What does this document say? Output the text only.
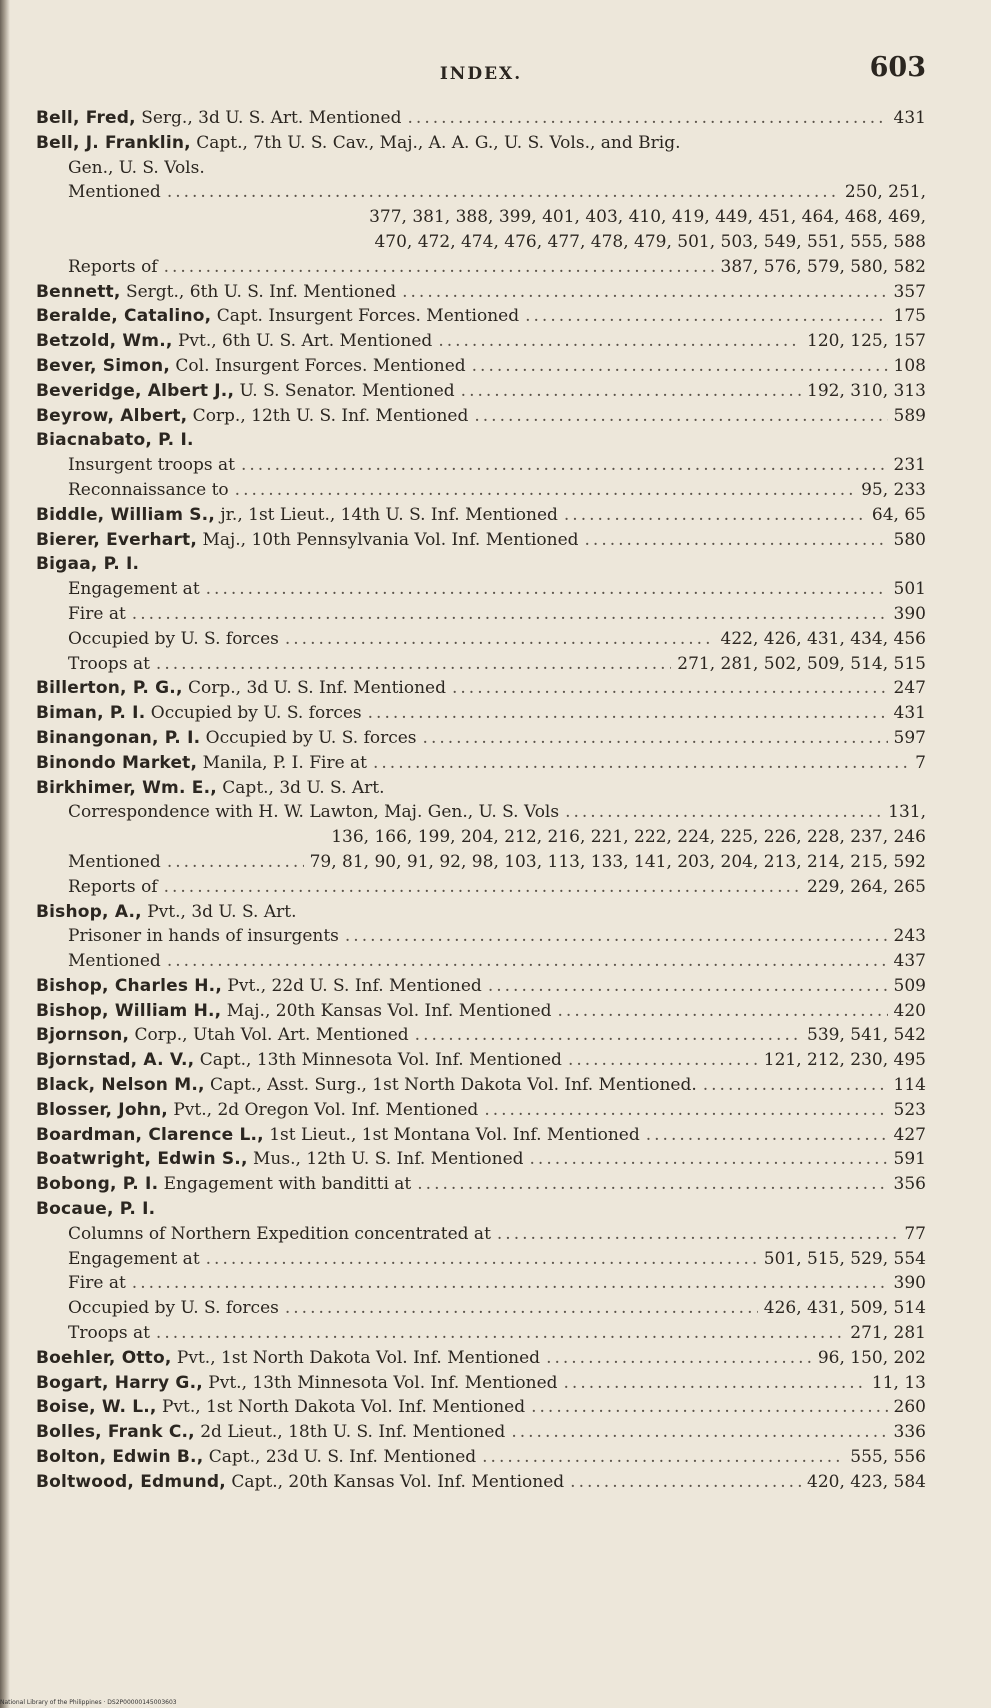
INDEX.	603
Bell, Fred, Serg., 3d U. S. Art. Mentioned .....	431
Bell, J. Franklin, Capt., 7th U. S. Cav., Maj., A. A. G., U. S. Vols., and Brig.
Gen., U. S. Vols.
Mentioned .....	250, 251,
377, 381, 388, 399, 401, 403, 410, 419, 449, 451, 464, 468, 469,
470, 472, 474, 476, 477, 478, 479, 501, 503, 549, 551, 555, 588
Reports of .....	387, 576, 579, 580, 582
Bennett, Sergt., 6th U. S. Inf. Mentioned .....	357
Beralde, Catalino, Capt. Insurgent Forces. Mentioned .....	175
Betzold, Wm., Pvt., 6th U. S. Art. Mentioned .....	120, 125, 157
Bever, Simon, Col. Insurgent Forces. Mentioned .....	108
Beveridge, Albert J., U. S. Senator. Mentioned .....	192, 310, 313
Beyrow, Albert, Corp., 12th U. S. Inf. Mentioned .....	589
Biacnabato, P. I.
Insurgent troops at .....	231
Reconnaissance to .....	95, 233
Biddle, William S., jr., 1st Lieut., 14th U. S. Inf. Mentioned .....	64, 65
Bierer, Everhart, Maj., 10th Pennsylvania Vol. Inf. Mentioned .....	580
Bigaa, P. I.
Engagement at .....	501
Fire at .....	390
Occupied by U. S. forces .....	422, 426, 431, 434, 456
Troops at .....	271, 281, 502, 509, 514, 515
Billerton, P. G., Corp., 3d U. S. Inf. Mentioned .....	247
Biman, P. I. Occupied by U. S. forces .....	431
Binangonan, P. I. Occupied by U. S. forces .....	597
Binondo Market, Manila, P. I. Fire at .....	7
Birkhimer, Wm. E., Capt., 3d U. S. Art.
Correspondence with H. W. Lawton, Maj. Gen., U. S. Vols .....	131,
136, 166, 199, 204, 212, 216, 221, 222, 224, 225, 226, 228, 237, 246
Mentioned .....	79, 81, 90, 91, 92, 98, 103, 113, 133, 141, 203, 204, 213, 214, 215, 592
Reports of .....	229, 264, 265
Bishop, A., Pvt., 3d U. S. Art.
Prisoner in hands of insurgents .....	243
Mentioned .....	437
Bishop, Charles H., Pvt., 22d U. S. Inf. Mentioned .....	509
Bishop, William H., Maj., 20th Kansas Vol. Inf. Mentioned .....	420
Bjornson, Corp., Utah Vol. Art. Mentioned .....	539, 541, 542
Bjornstad, A. V., Capt., 13th Minnesota Vol. Inf. Mentioned .....	121, 212, 230, 495
Black, Nelson M., Capt., Asst. Surg., 1st North Dakota Vol. Inf. Mentioned. .....	114
Blosser, John, Pvt., 2d Oregon Vol. Inf. Mentioned .....	523
Boardman, Clarence L., 1st Lieut., 1st Montana Vol. Inf. Mentioned .....	427
Boatwright, Edwin S., Mus., 12th U. S. Inf. Mentioned .....	591
Bobong, P. I. Engagement with banditti at .....	356
Bocaue, P. I.
Columns of Northern Expedition concentrated at .....	77
Engagement at .....	501, 515, 529, 554
Fire at .....	390
Occupied by U. S. forces .....	426, 431, 509, 514
Troops at .....	271, 281
Boehler, Otto, Pvt., 1st North Dakota Vol. Inf. Mentioned .....	96, 150, 202
Bogart, Harry G., Pvt., 13th Minnesota Vol. Inf. Mentioned .....	11, 13
Boise, W. L., Pvt., 1st North Dakota Vol. Inf. Mentioned .....	260
Bolles, Frank C., 2d Lieut., 18th U. S. Inf. Mentioned .....	336
Bolton, Edwin B., Capt., 23d U. S. Inf. Mentioned .....	555, 556
Boltwood, Edmund, Capt., 20th Kansas Vol. Inf. Mentioned .....	420, 423, 584
National Library of the Philippines · DS2P00000145003603
